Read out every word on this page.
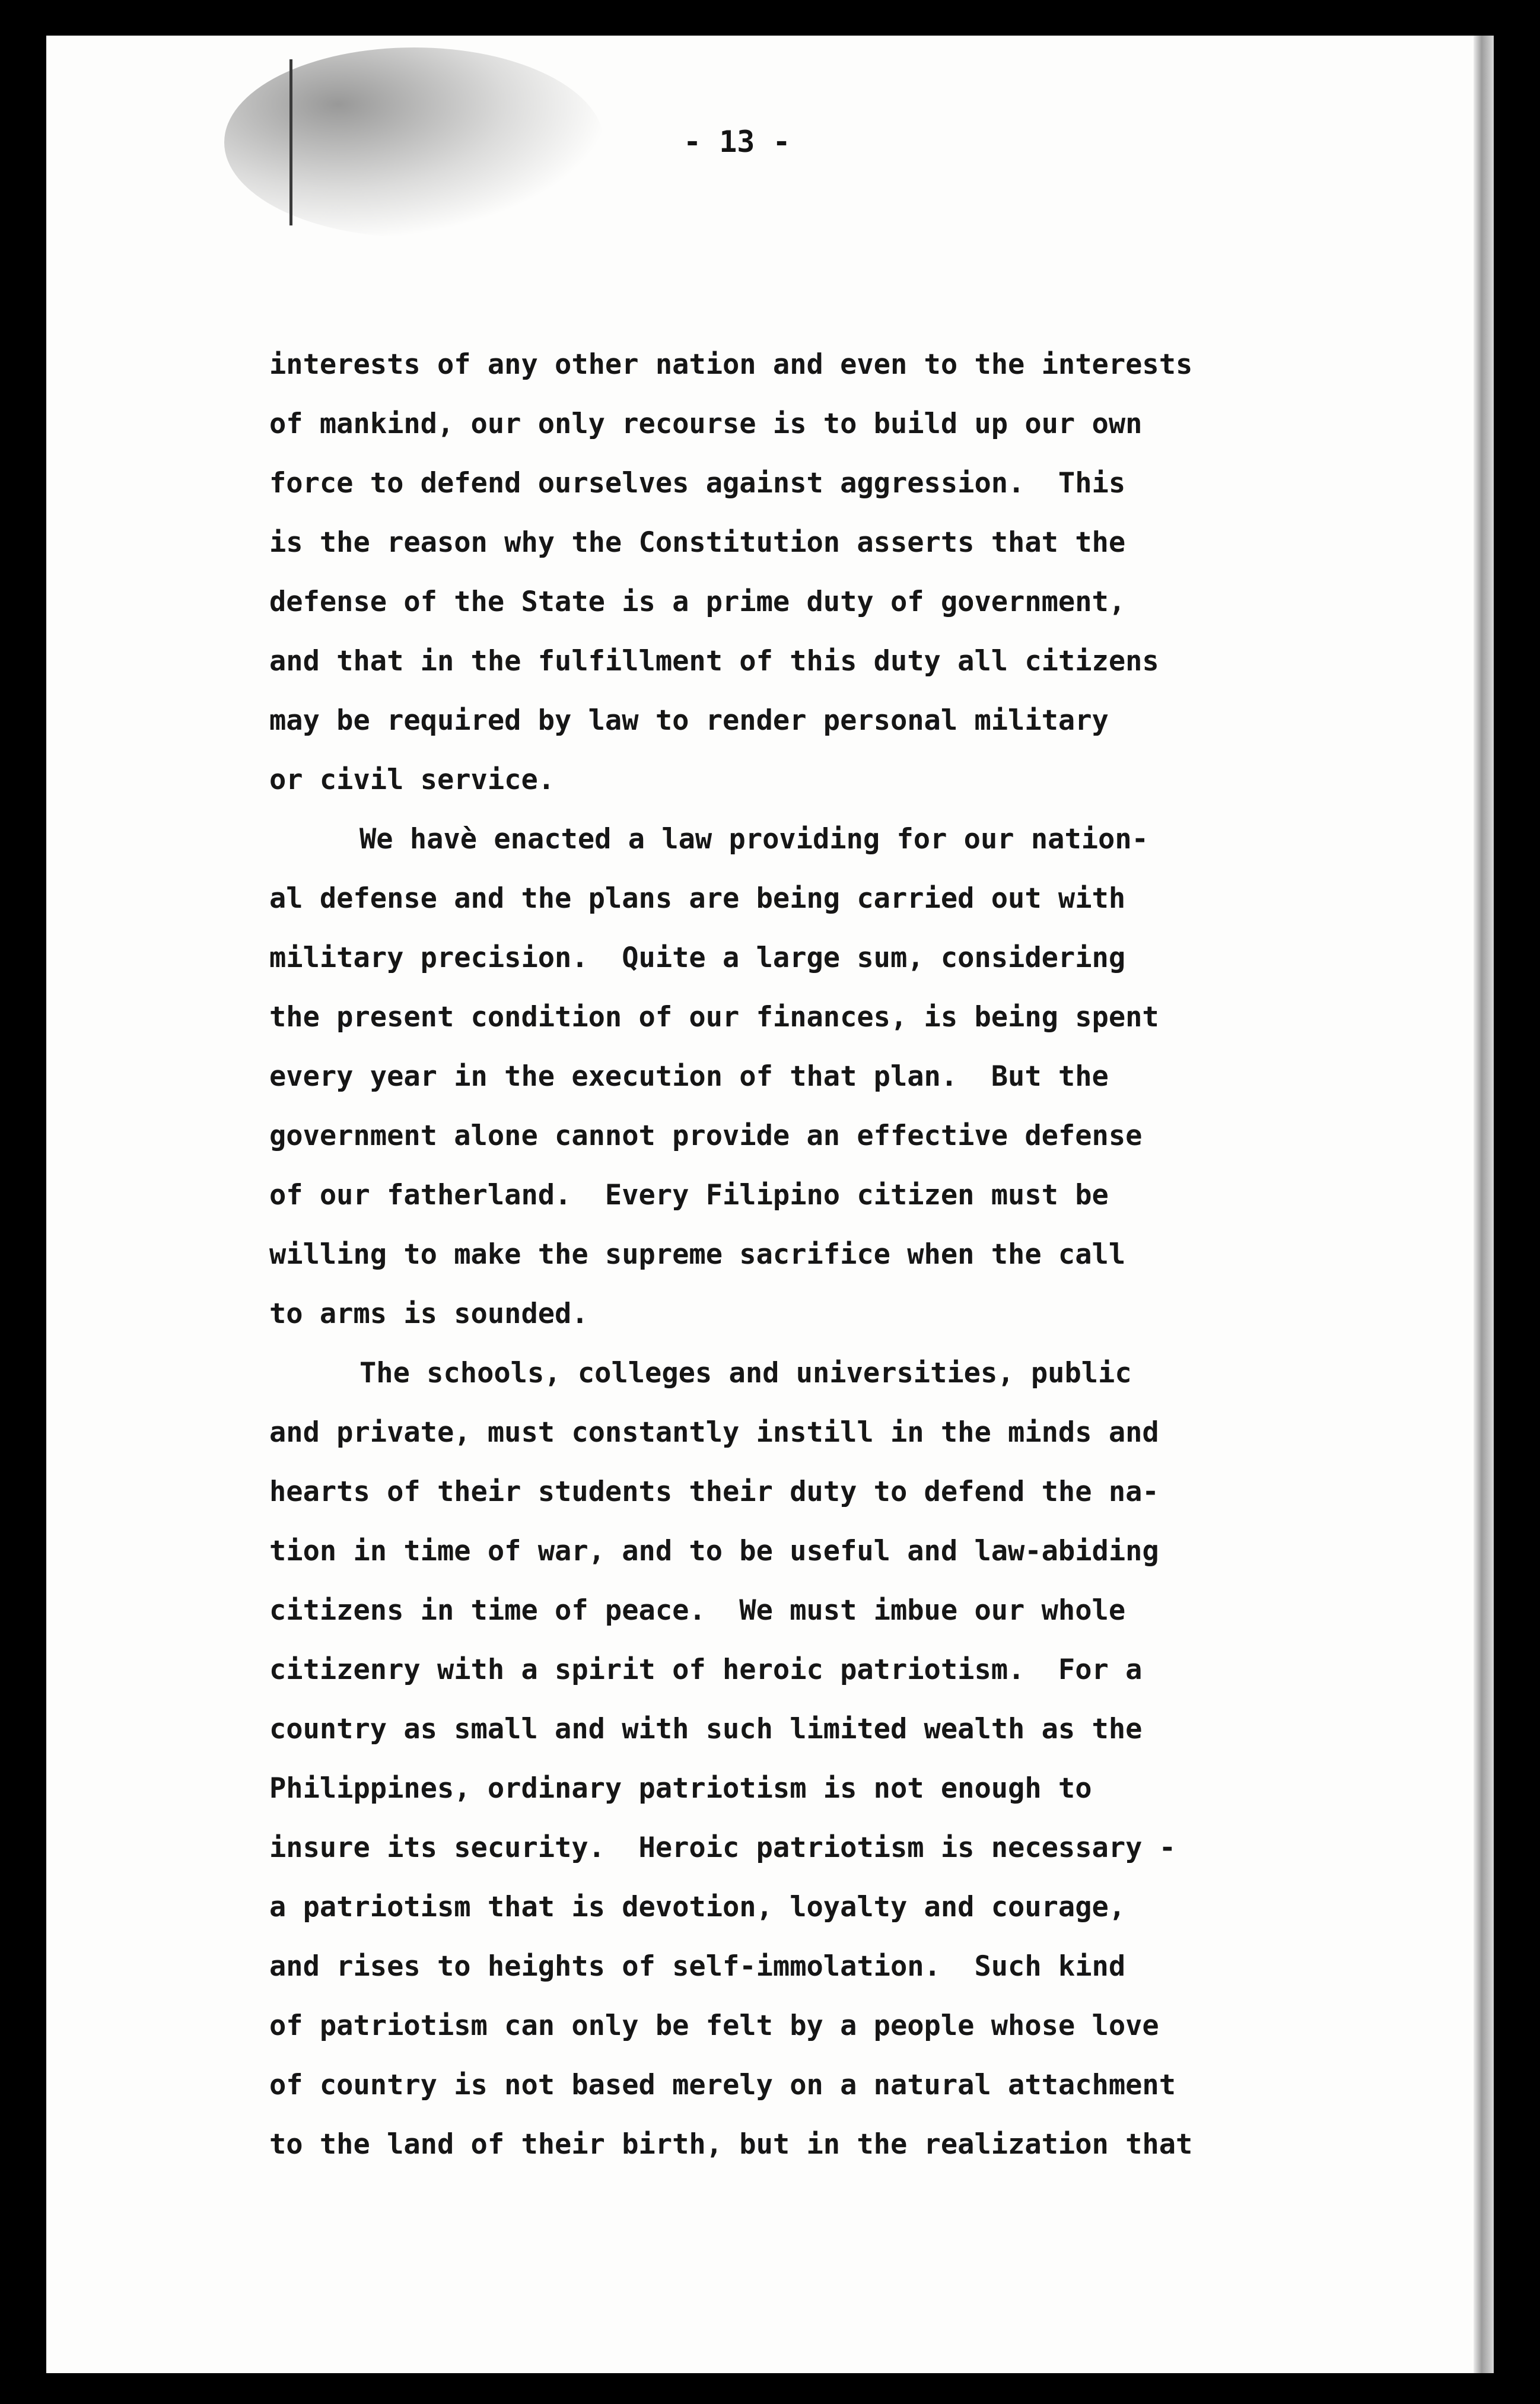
- 13 -
interests of any other nation and even to the interests
of mankind, our only recourse is to build up our own
force to defend ourselves against aggression.  This
is the reason why the Constitution asserts that the
defense of the State is a prime duty of government,
and that in the fulfillment of this duty all citizens
may be required by law to render personal military
or civil service.
We havè enacted a law providing for our nation-
al defense and the plans are being carried out with
military precision.  Quite a large sum, considering
the present condition of our finances, is being spent
every year in the execution of that plan.  But the
government alone cannot provide an effective defense
of our fatherland.  Every Filipino citizen must be
willing to make the supreme sacrifice when the call
to arms is sounded.
The schools, colleges and universities, public
and private, must constantly instill in the minds and
hearts of their students their duty to defend the na-
tion in time of war, and to be useful and law-abiding
citizens in time of peace.  We must imbue our whole
citizenry with a spirit of heroic patriotism.  For a
country as small and with such limited wealth as the
Philippines, ordinary patriotism is not enough to
insure its security.  Heroic patriotism is necessary -
a patriotism that is devotion, loyalty and courage,
and rises to heights of self-immolation.  Such kind
of patriotism can only be felt by a people whose love
of country is not based merely on a natural attachment
to the land of their birth, but in the realization that
